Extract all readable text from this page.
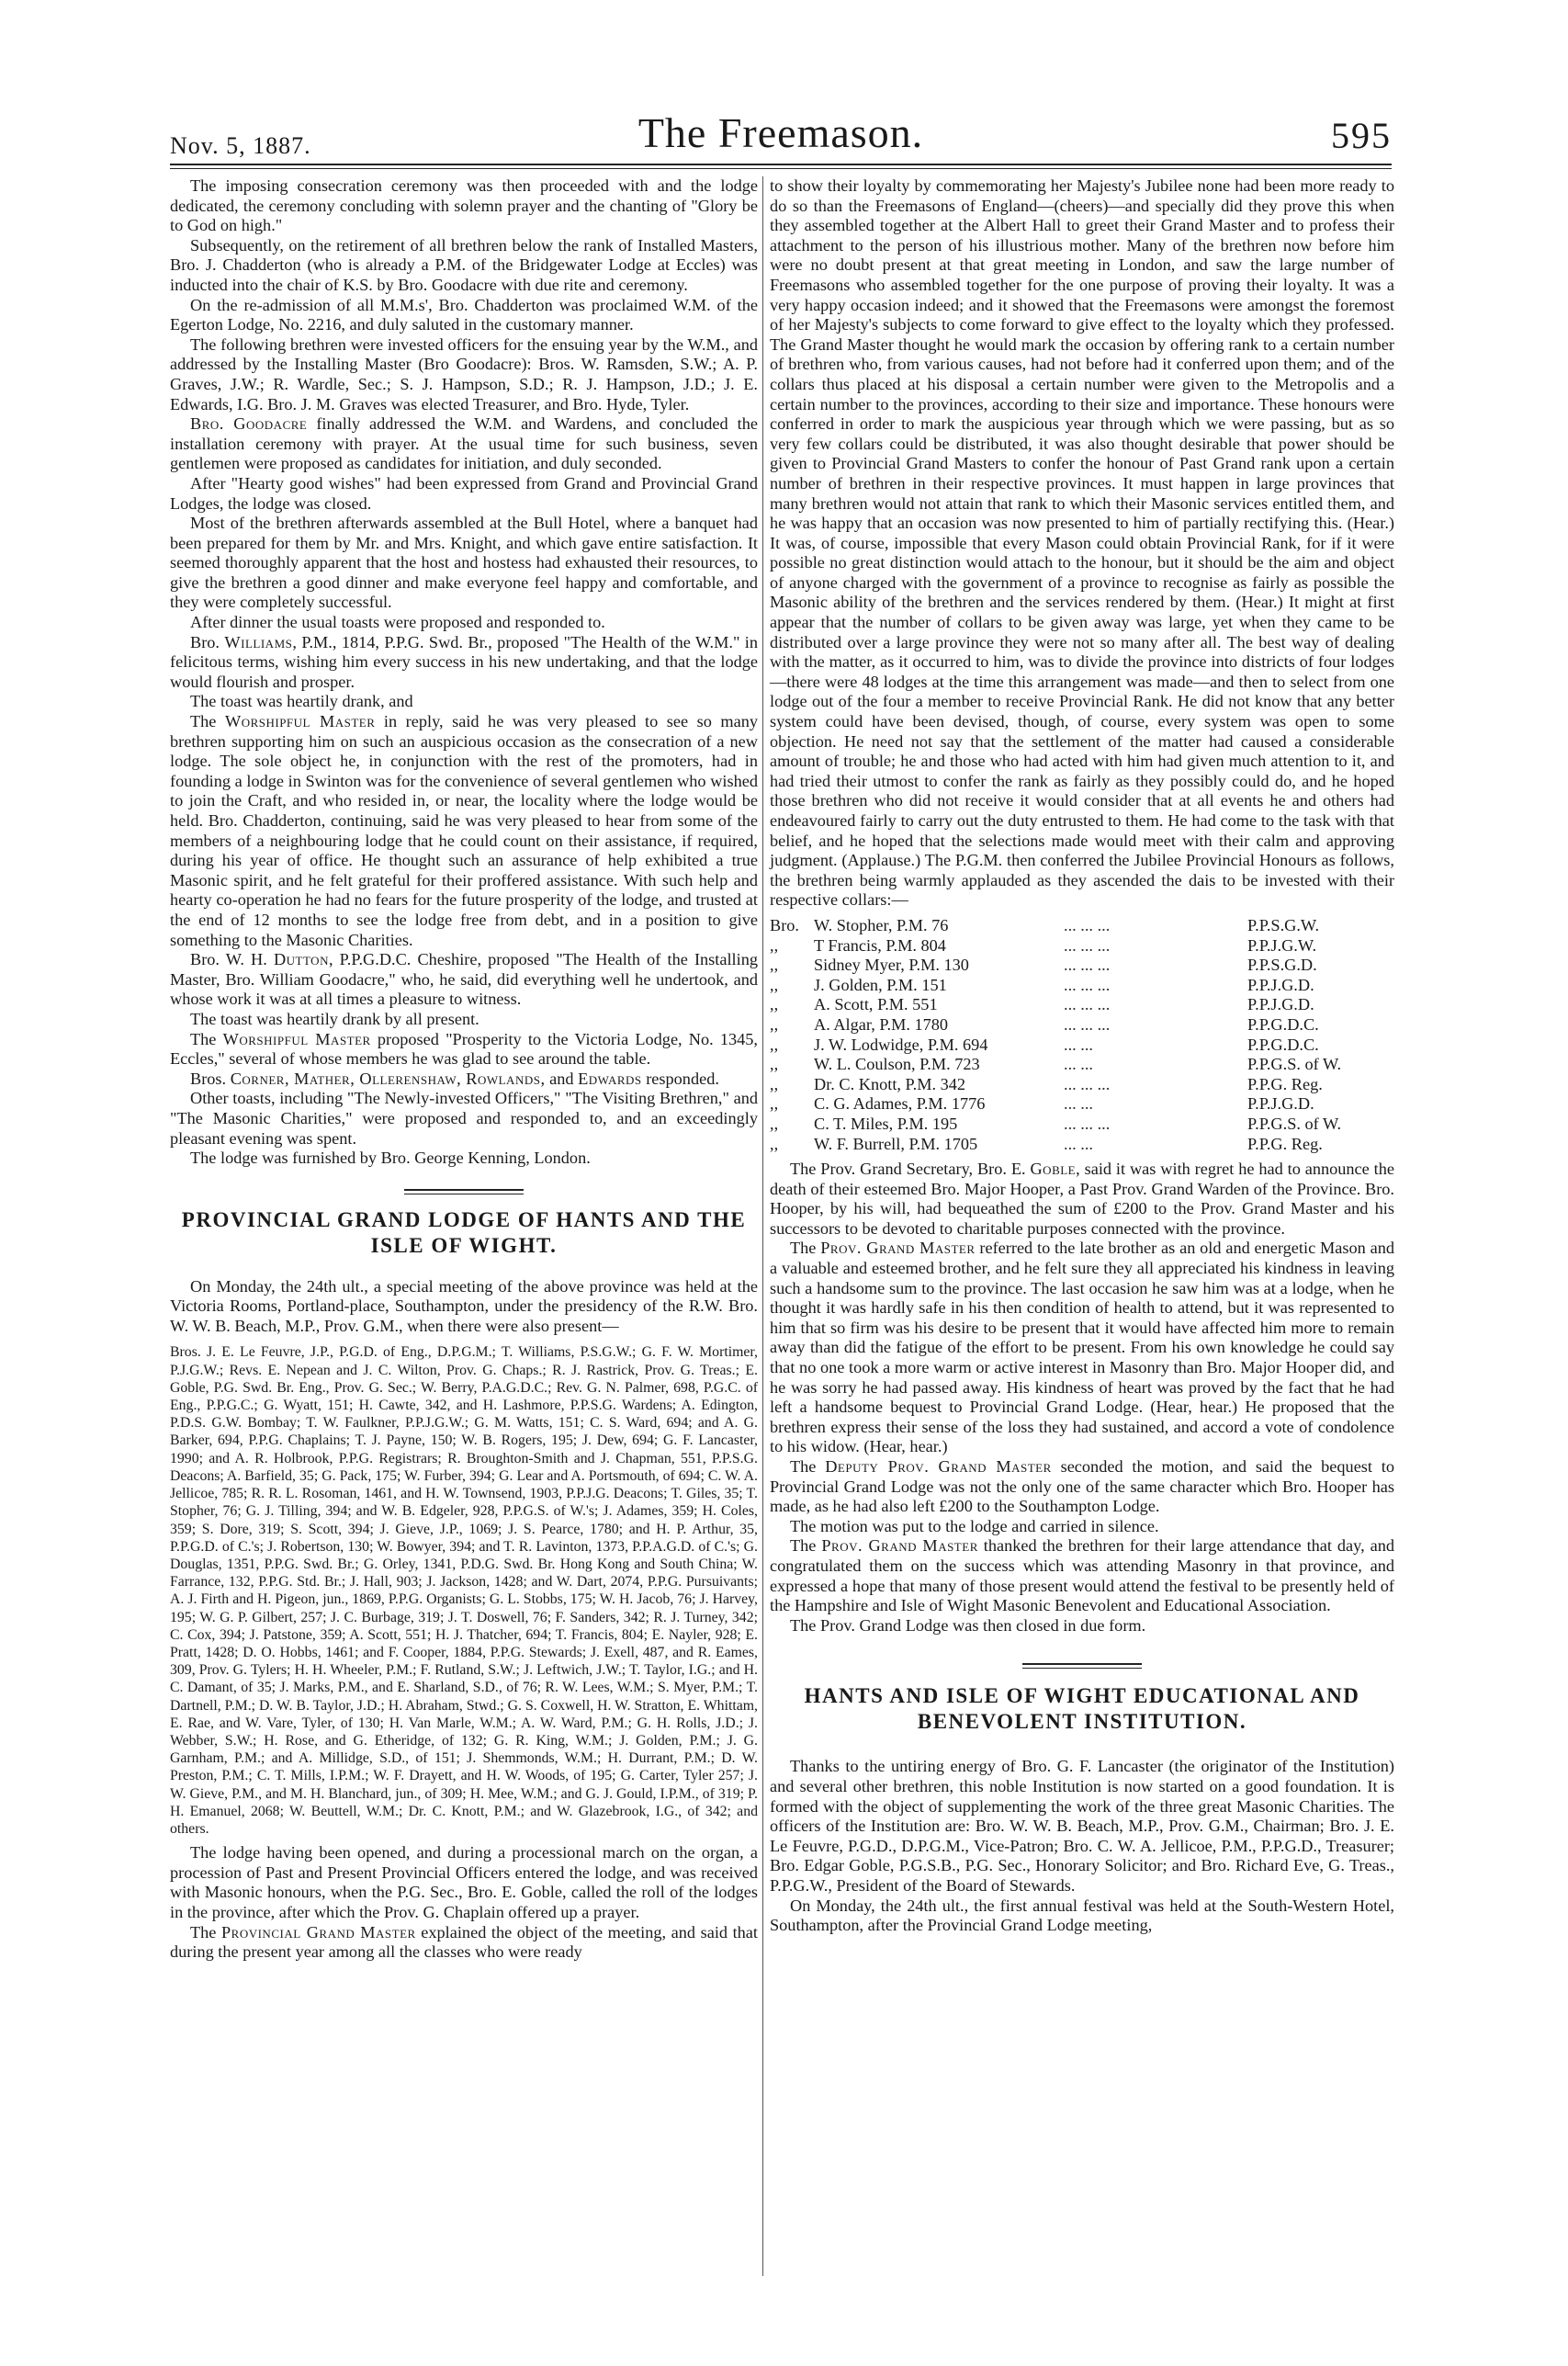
Nov. 5, 1887.	The Freemason.	595

The imposing consecration ceremony was then proceeded with and the lodge dedicated, the ceremony concluding with solemn prayer and the chanting of "Glory be to God on high."

Subsequently, on the retirement of all brethren below the rank of Installed Masters, Bro. J. Chadderton (who is already a P.M. of the Bridgewater Lodge at Eccles) was inducted into the chair of K.S. by Bro. Goodacre with due rite and ceremony.

On the re-admission of all M.M.s', Bro. Chadderton was proclaimed W.M. of the Egerton Lodge, No. 2216, and duly saluted in the customary manner.

The following brethren were invested officers for the ensuing year by the W.M., and addressed by the Installing Master (Bro Goodacre): Bros. W. Ramsden, S.W.; A. P. Graves, J.W.; R. Wardle, Sec.; S. J. Hampson, S.D.; R. J. Hampson, J.D.; J. E. Edwards, I.G. Bro. J. M. Graves was elected Treasurer, and Bro. Hyde, Tyler.

Bro. Goodacre finally addressed the W.M. and Wardens, and concluded the installation ceremony with prayer. At the usual time for such business, seven gentlemen were proposed as candidates for initiation, and duly seconded.

After "Hearty good wishes" had been expressed from Grand and Provincial Grand Lodges, the lodge was closed.

Most of the brethren afterwards assembled at the Bull Hotel, where a banquet had been prepared for them by Mr. and Mrs. Knight, and which gave entire satisfaction. It seemed thoroughly apparent that the host and hostess had exhausted their resources, to give the brethren a good dinner and make everyone feel happy and comfortable, and they were completely successful.

After dinner the usual toasts were proposed and responded to.

Bro. Williams, P.M., 1814, P.P.G. Swd. Br., proposed "The Health of the W.M." in felicitous terms, wishing him every success in his new undertaking, and that the lodge would flourish and prosper.

The toast was heartily drank, and

The Worshipful Master in reply, said he was very pleased to see so many brethren supporting him on such an auspicious occasion as the consecration of a new lodge. The sole object he, in conjunction with the rest of the promoters, had in founding a lodge in Swinton was for the convenience of several gentlemen who wished to join the Craft, and who resided in, or near, the locality where the lodge would be held. Bro. Chadderton, continuing, said he was very pleased to hear from some of the members of a neighbouring lodge that he could count on their assistance, if required, during his year of office. He thought such an assurance of help exhibited a true Masonic spirit, and he felt grateful for their proffered assistance. With such help and hearty co-operation he had no fears for the future prosperity of the lodge, and trusted at the end of 12 months to see the lodge free from debt, and in a position to give something to the Masonic Charities.

Bro. W. H. Dutton, P.P.G.D.C. Cheshire, proposed "The Health of the Installing Master, Bro. William Goodacre," who, he said, did everything well he undertook, and whose work it was at all times a pleasure to witness.

The toast was heartily drank by all present.

The Worshipful Master proposed "Prosperity to the Victoria Lodge, No. 1345, Eccles," several of whose members he was glad to see around the table.

Bros. Corner, Mather, Ollerenshaw, Rowlands, and Edwards responded.

Other toasts, including "The Newly-invested Officers," "The Visiting Brethren," and "The Masonic Charities," were proposed and responded to, and an exceedingly pleasant evening was spent.

The lodge was furnished by Bro. George Kenning, London.

PROVINCIAL GRAND LODGE OF HANTS AND THE ISLE OF WIGHT.

On Monday, the 24th ult., a special meeting of the above province was held at the Victoria Rooms, Portland-place, Southampton, under the presidency of the R.W. Bro. W. W. B. Beach, M.P., Prov. G.M., when there were also present—

Bros. J. E. Le Feuvre, J.P., P.G.D. of Eng., D.P.G.M.; T. Williams, P.S.G.W.; G. F. W. Mortimer, P.J.G.W.; Revs. E. Nepean and J. C. Wilton, Prov. G. Chaps.; R. J. Rastrick, Prov. G. Treas.; E. Goble, P.G. Swd. Br. Eng., Prov. G. Sec.; W. Berry, P.A.G.D.C.; Rev. G. N. Palmer, 698, P.G.C. of Eng., P.P.G.C.; G. Wyatt, 151; H. Cawte, 342, and H. Lashmore, P.P.S.G. Wardens; A. Edington, P.D.S. G.W. Bombay; T. W. Faulkner, P.P.J.G.W.; G. M. Watts, 151; C. S. Ward, 694; and A. G. Barker, 694, P.P.G. Chaplains; T. J. Payne, 150; W. B. Rogers, 195; J. Dew, 694; G. F. Lancaster, 1990; and A. R. Holbrook, P.P.G. Registrars; R. Broughton-Smith and J. Chapman, 551, P.P.S.G. Deacons; A. Barfield, 35; G. Pack, 175; W. Furber, 394; G. Lear and A. Portsmouth, of 694; C. W. A. Jellicoe, 785; R. R. L. Rosoman, 1461, and H. W. Townsend, 1903, P.P.J.G. Deacons; T. Giles, 35; T. Stopher, 76; G. J. Tilling, 394; and W. B. Edgeler, 928, P.P.G.S. of W.'s; J. Adames, 359; H. Coles, 359; S. Dore, 319; S. Scott, 394; J. Gieve, J.P., 1069; J. S. Pearce, 1780; and H. P. Arthur, 35, P.P.G.D. of C.'s; J. Robertson, 130; W. Bowyer, 394; and T. R. Lavinton, 1373, P.P.A.G.D. of C.'s; G. Douglas, 1351, P.P.G. Swd. Br.; G. Orley, 1341, P.D.G. Swd. Br. Hong Kong and South China; W. Farrance, 132, P.P.G. Std. Br.; J. Hall, 903; J. Jackson, 1428; and W. Dart, 2074, P.P.G. Pursuivants; A. J. Firth and H. Pigeon, jun., 1869, P.P.G. Organists; G. L. Stobbs, 175; W. H. Jacob, 76; J. Harvey, 195; W. G. P. Gilbert, 257; J. C. Burbage, 319; J. T. Doswell, 76; F. Sanders, 342; R. J. Turney, 342; C. Cox, 394; J. Patstone, 359; A. Scott, 551; H. J. Thatcher, 694; T. Francis, 804; E. Nayler, 928; E. Pratt, 1428; D. O. Hobbs, 1461; and F. Cooper, 1884, P.P.G. Stewards; J. Exell, 487, and R. Eames, 309, Prov. G. Tylers; H. H. Wheeler, P.M.; F. Rutland, S.W.; J. Leftwich, J.W.; T. Taylor, I.G.; and H. C. Damant, of 35; J. Marks, P.M., and E. Sharland, S.D., of 76; R. W. Lees, W.M.; S. Myer, P.M.; T. Dartnell, P.M.; D. W. B. Taylor, J.D.; H. Abraham, Stwd.; G. S. Coxwell, H. W. Stratton, E. Whittam, E. Rae, and W. Vare, Tyler, of 130; H. Van Marle, W.M.; A. W. Ward, P.M.; G. H. Rolls, J.D.; J. Webber, S.W.; H. Rose, and G. Etheridge, of 132; G. R. King, W.M.; J. Golden, P.M.; J. G. Garnham, P.M.; and A. Millidge, S.D., of 151; J. Shemmonds, W.M.; H. Durrant, P.M.; D. W. Preston, P.M.; C. T. Mills, I.P.M.; W. F. Drayett, and H. W. Woods, of 195; G. Carter, Tyler 257; J. W. Gieve, P.M., and M. H. Blanchard, jun., of 309; H. Mee, W.M.; and G. J. Gould, I.P.M., of 319; P. H. Emanuel, 2068; W. Beuttell, W.M.; Dr. C. Knott, P.M.; and W. Glazebrook, I.G., of 342; and others.

The lodge having been opened, and during a processional march on the organ, a procession of Past and Present Provincial Officers entered the lodge, and was received with Masonic honours, when the P.G. Sec., Bro. E. Goble, called the roll of the lodges in the province, after which the Prov. G. Chaplain offered up a prayer.

The Provincial Grand Master explained the object of the meeting, and said that during the present year among all the classes who were ready

to show their loyalty by commemorating her Majesty's Jubilee none had been more ready to do so than the Freemasons of England—(cheers)—and specially did they prove this when they assembled together at the Albert Hall to greet their Grand Master and to profess their attachment to the person of his illustrious mother. Many of the brethren now before him were no doubt present at that great meeting in London, and saw the large number of Freemasons who assembled together for the one purpose of proving their loyalty. It was a very happy occasion indeed; and it showed that the Freemasons were amongst the foremost of her Majesty's subjects to come forward to give effect to the loyalty which they professed. The Grand Master thought he would mark the occasion by offering rank to a certain number of brethren who, from various causes, had not before had it conferred upon them; and of the collars thus placed at his disposal a certain number were given to the Metropolis and a certain number to the provinces, according to their size and importance. These honours were conferred in order to mark the auspicious year through which we were passing, but as so very few collars could be distributed, it was also thought desirable that power should be given to Provincial Grand Masters to confer the honour of Past Grand rank upon a certain number of brethren in their respective provinces. It must happen in large provinces that many brethren would not attain that rank to which their Masonic services entitled them, and he was happy that an occasion was now presented to him of partially rectifying this. (Hear.) It was, of course, impossible that every Mason could obtain Provincial Rank, for if it were possible no great distinction would attach to the honour, but it should be the aim and object of anyone charged with the government of a province to recognise as fairly as possible the Masonic ability of the brethren and the services rendered by them. (Hear.) It might at first appear that the number of collars to be given away was large, yet when they came to be distributed over a large province they were not so many after all. The best way of dealing with the matter, as it occurred to him, was to divide the province into districts of four lodges—there were 48 lodges at the time this arrangement was made—and then to select from one lodge out of the four a member to receive Provincial Rank. He did not know that any better system could have been devised, though, of course, every system was open to some objection. He need not say that the settlement of the matter had caused a considerable amount of trouble; he and those who had acted with him had given much attention to it, and had tried their utmost to confer the rank as fairly as they possibly could do, and he hoped those brethren who did not receive it would consider that at all events he and others had endeavoured fairly to carry out the duty entrusted to them. He had come to the task with that belief, and he hoped that the selections made would meet with their calm and approving judgment. (Applause.) The P.G.M. then conferred the Jubilee Provincial Honours as follows, the brethren being warmly applauded as they ascended the dais to be invested with their respective collars:—

Bro.	W. Stopher, P.M. 76	... ... ...	P.P.S.G.W.
,,	T Francis, P.M. 804	... ... ...	P.P.J.G.W.
,,	Sidney Myer, P.M. 130	... ... ...	P.P.S.G.D.
,,	J. Golden, P.M. 151	... ... ...	P.P.J.G.D.
,,	A. Scott, P.M. 551	... ... ...	P.P.J.G.D.
,,	A. Algar, P.M. 1780	... ... ...	P.P.G.D.C.
,,	J. W. Lodwidge, P.M. 694	... ...	P.P.G.D.C.
,,	W. L. Coulson, P.M. 723	... ...	P.P.G.S. of W.
,,	Dr. C. Knott, P.M. 342	... ... ...	P.P.G. Reg.
,,	C. G. Adames, P.M. 1776	... ...	P.P.J.G.D.
,,	C. T. Miles, P.M. 195	... ... ...	P.P.G.S. of W.
,,	W. F. Burrell, P.M. 1705	... ...	P.P.G. Reg.

The Prov. Grand Secretary, Bro. E. Goble, said it was with regret he had to announce the death of their esteemed Bro. Major Hooper, a Past Prov. Grand Warden of the Province. Bro. Hooper, by his will, had bequeathed the sum of £200 to the Prov. Grand Master and his successors to be devoted to charitable purposes connected with the province.

The Prov. Grand Master referred to the late brother as an old and energetic Mason and a valuable and esteemed brother, and he felt sure they all appreciated his kindness in leaving such a handsome sum to the province. The last occasion he saw him was at a lodge, when he thought it was hardly safe in his then condition of health to attend, but it was represented to him that so firm was his desire to be present that it would have affected him more to remain away than did the fatigue of the effort to be present. From his own knowledge he could say that no one took a more warm or active interest in Masonry than Bro. Major Hooper did, and he was sorry he had passed away. His kindness of heart was proved by the fact that he had left a handsome bequest to Provincial Grand Lodge. (Hear, hear.) He proposed that the brethren express their sense of the loss they had sustained, and accord a vote of condolence to his widow. (Hear, hear.)

The Deputy Prov. Grand Master seconded the motion, and said the bequest to Provincial Grand Lodge was not the only one of the same character which Bro. Hooper has made, as he had also left £200 to the Southampton Lodge.

The motion was put to the lodge and carried in silence.

The Prov. Grand Master thanked the brethren for their large attendance that day, and congratulated them on the success which was attending Masonry in that province, and expressed a hope that many of those present would attend the festival to be presently held of the Hampshire and Isle of Wight Masonic Benevolent and Educational Association.

The Prov. Grand Lodge was then closed in due form.

HANTS AND ISLE OF WIGHT EDUCATIONAL AND BENEVOLENT INSTITUTION.

Thanks to the untiring energy of Bro. G. F. Lancaster (the originator of the Institution) and several other brethren, this noble Institution is now started on a good foundation. It is formed with the object of supplementing the work of the three great Masonic Charities. The officers of the Institution are: Bro. W. W. B. Beach, M.P., Prov. G.M., Chairman; Bro. J. E. Le Feuvre, P.G.D., D.P.G.M., Vice-Patron; Bro. C. W. A. Jellicoe, P.M., P.P.G.D., Treasurer; Bro. Edgar Goble, P.G.S.B., P.G. Sec., Honorary Solicitor; and Bro. Richard Eve, G. Treas., P.P.G.W., President of the Board of Stewards.

On Monday, the 24th ult., the first annual festival was held at the South-Western Hotel, Southampton, after the Provincial Grand Lodge meeting,
